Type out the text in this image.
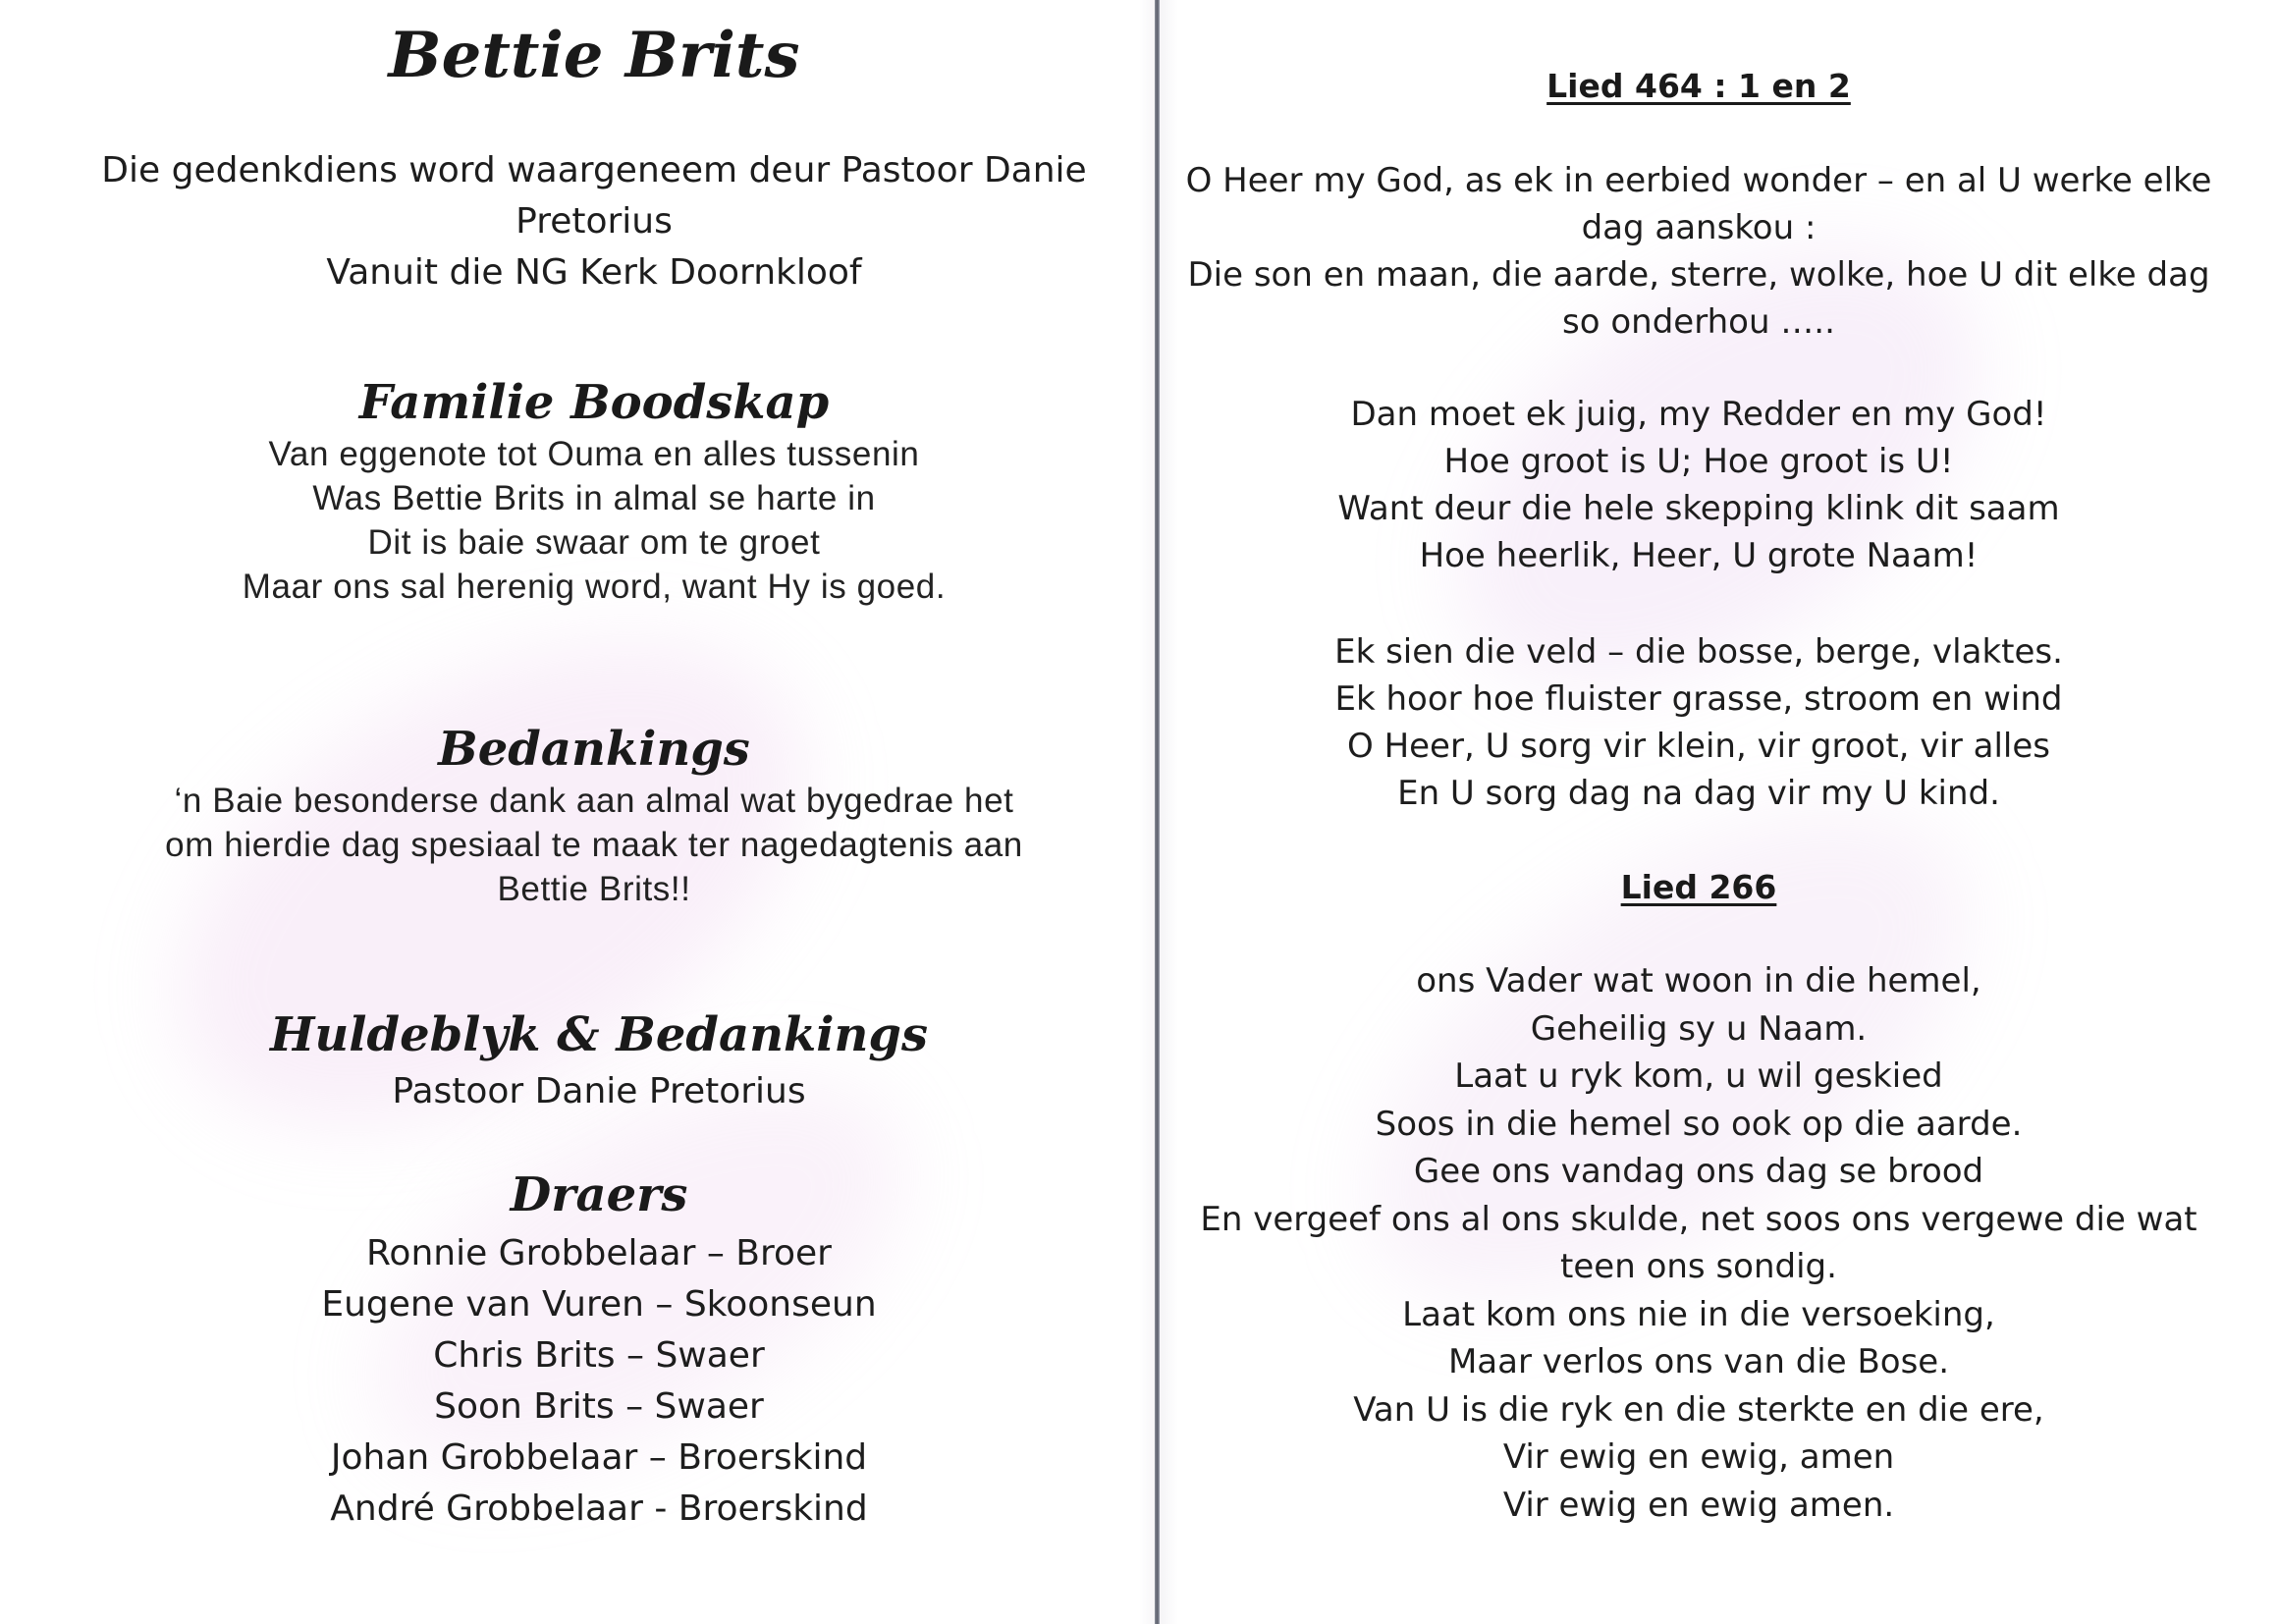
Bettie Brits
Die gedenkdiens word waargeneem deur Pastoor Danie
Pretorius
Vanuit die NG Kerk Doornkloof
Familie Boodskap
Van eggenote tot Ouma en alles tussenin
Was Bettie Brits in almal se harte in
Dit is baie swaar om te groet
Maar ons sal herenig word, want Hy is goed.
Bedankings
‘n Baie besonderse dank aan almal wat bygedrae het
om hierdie dag spesiaal te maak ter nagedagtenis aan
Bettie Brits!!
Huldeblyk & Bedankings
Pastoor Danie Pretorius
Draers
Ronnie Grobbelaar – Broer
Eugene van Vuren – Skoonseun
Chris Brits – Swaer
Soon Brits – Swaer
Johan Grobbelaar – Broerskind
André Grobbelaar - Broerskind
Lied 464 : 1 en 2
O Heer my God, as ek in eerbied wonder – en al U werke elke
dag aanskou :
Die son en maan, die aarde, sterre, wolke, hoe U dit elke dag
so onderhou …..
Dan moet ek juig, my Redder en my God!
Hoe groot is U; Hoe groot is U!
Want deur die hele skepping klink dit saam
Hoe heerlik, Heer, U grote Naam!
Ek sien die veld – die bosse, berge, vlaktes.
Ek hoor hoe fluister grasse, stroom en wind
O Heer, U sorg vir klein, vir groot, vir alles
En U sorg dag na dag vir my U kind.
Lied 266
ons Vader wat woon in die hemel,
Geheilig sy u Naam.
Laat u ryk kom, u wil geskied
Soos in die hemel so ook op die aarde.
Gee ons vandag ons dag se brood
En vergeef ons al ons skulde, net soos ons vergewe die wat
teen ons sondig.
Laat kom ons nie in die versoeking,
Maar verlos ons van die Bose.
Van U is die ryk en die sterkte en die ere,
Vir ewig en ewig, amen
Vir ewig en ewig amen.
